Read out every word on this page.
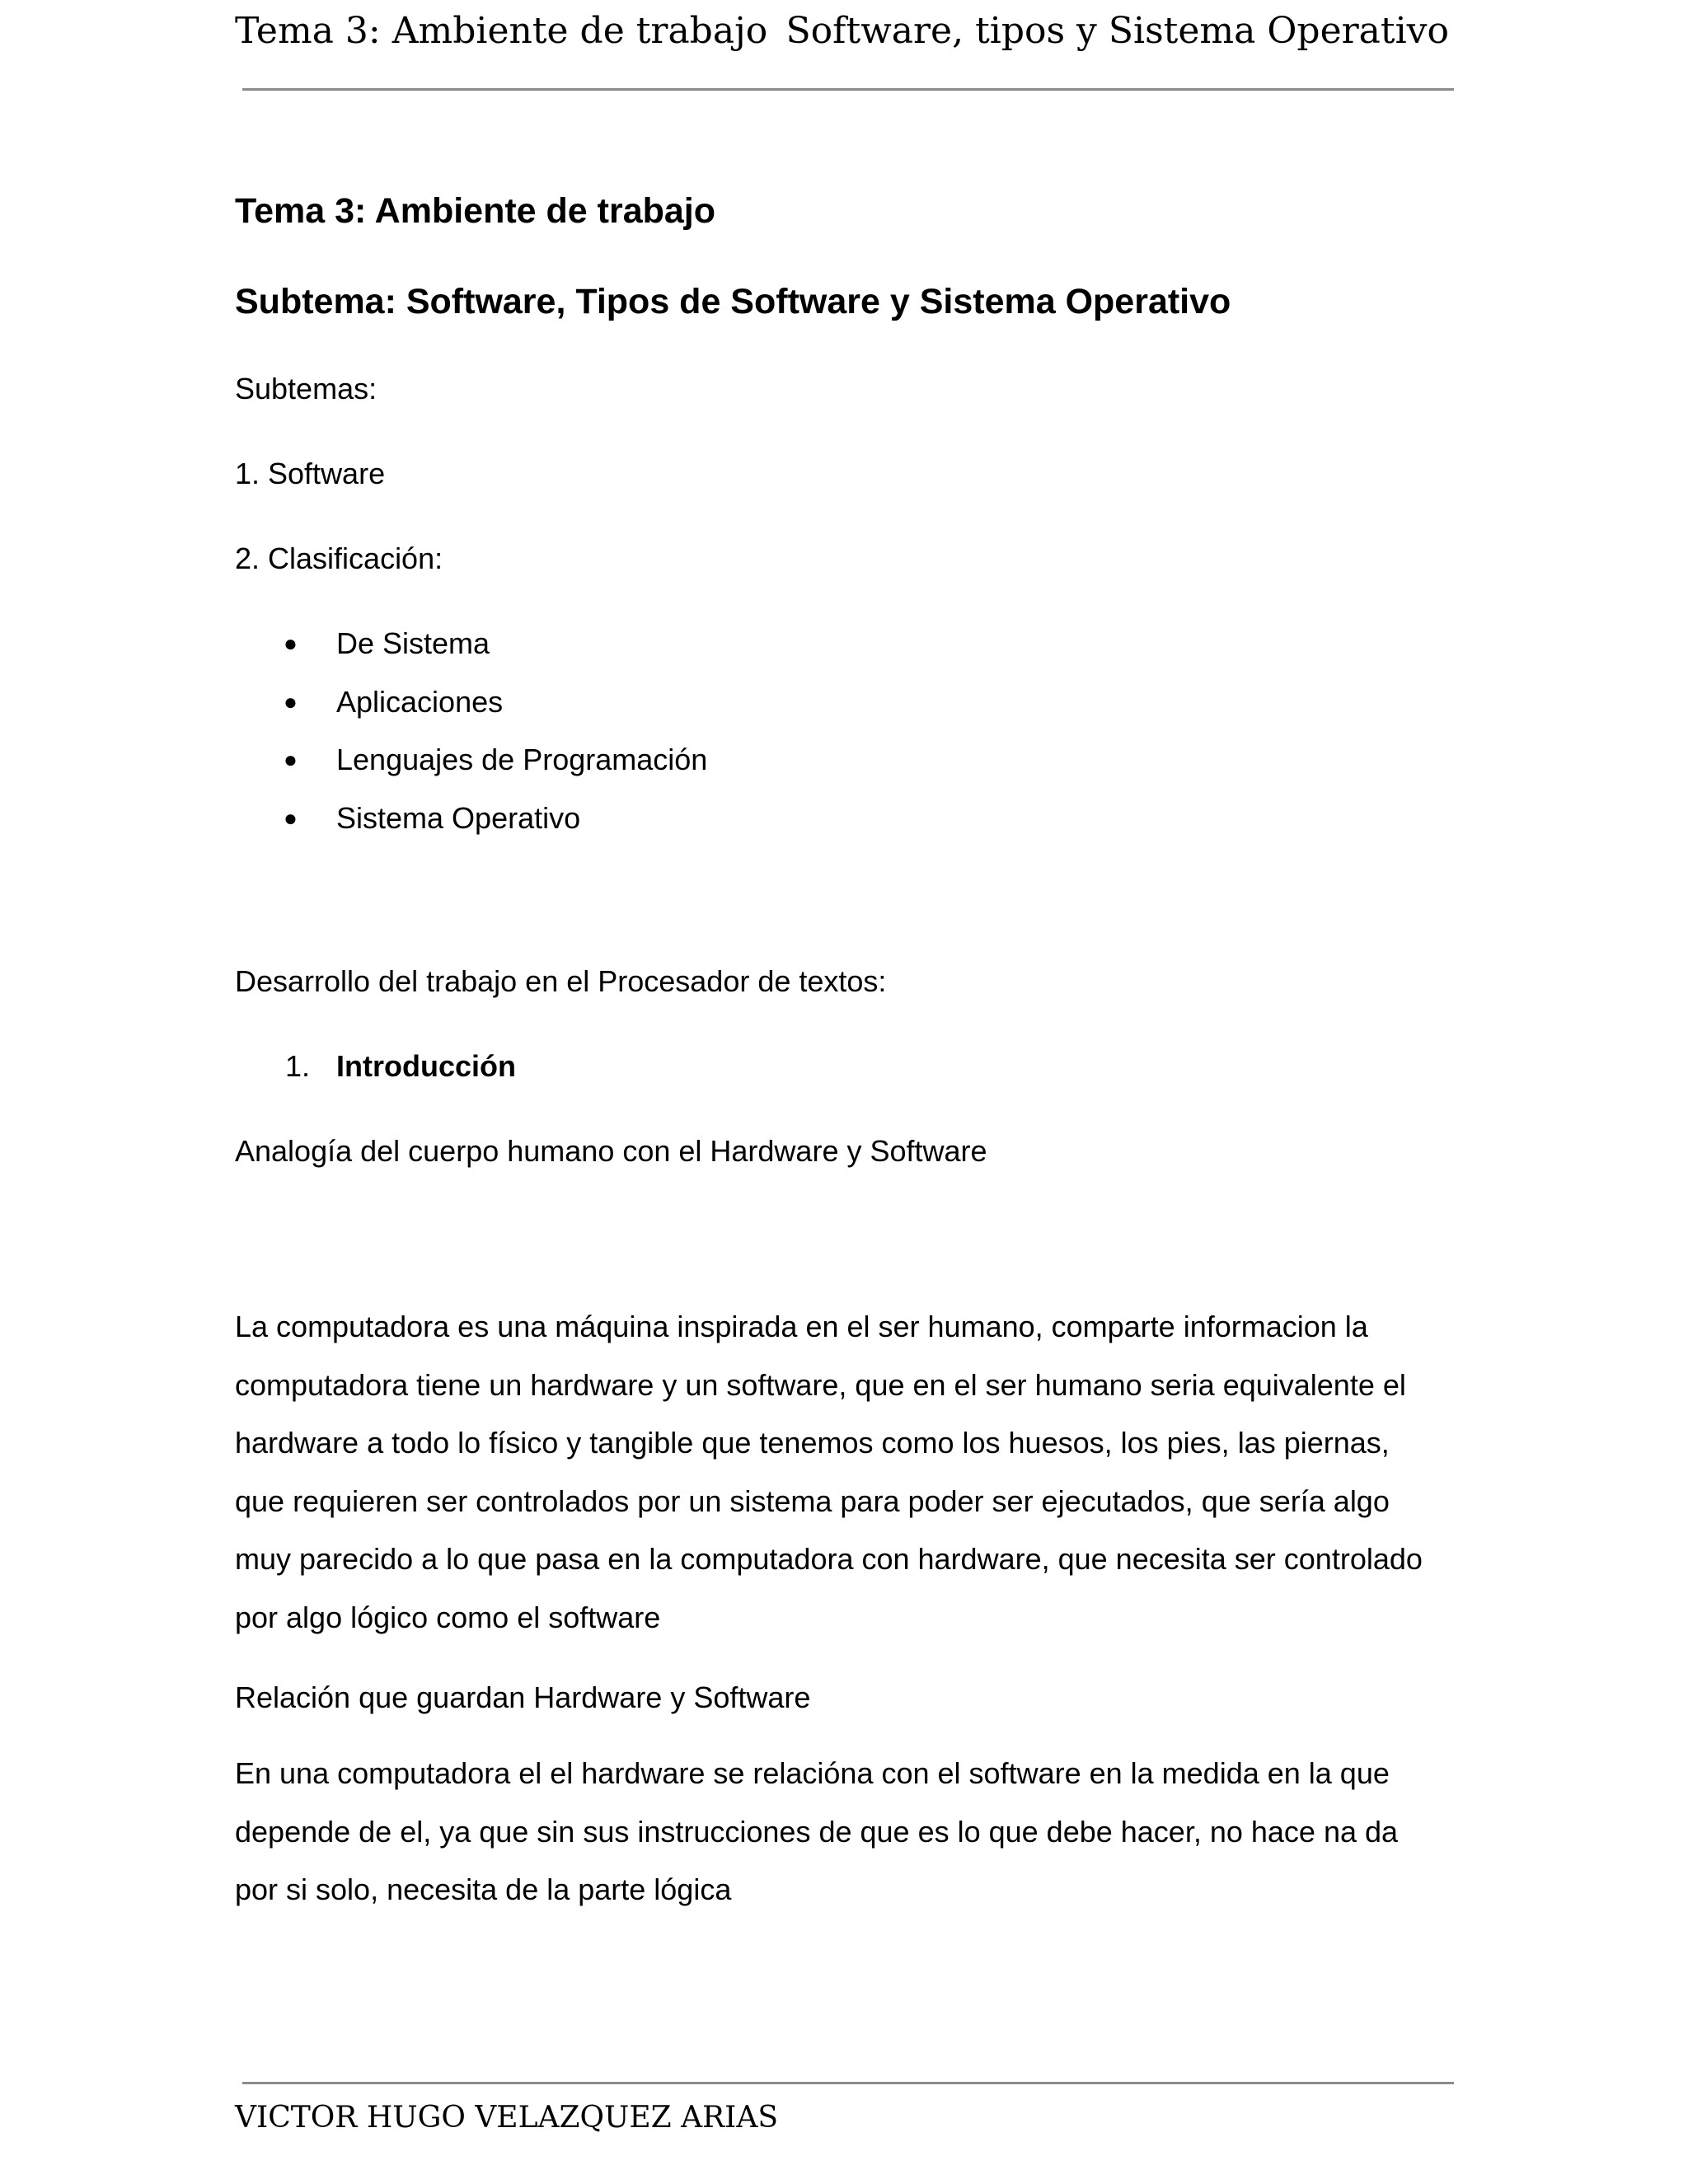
Tema 3: Ambiente de trabajo Software, tipos y Sistema Operativo
Tema 3: Ambiente de trabajo
Subtema: Software, Tipos de Software y Sistema Operativo
Subtemas:
1. Software
2. Clasificación:
● De Sistema
● Aplicaciones
● Lenguajes de Programación
● Sistema Operativo
Desarrollo del trabajo en el Procesador de textos:
1. Introducción
Analogía del cuerpo humano con el Hardware y Software
La computadora es una máquina inspirada en el ser humano, comparte informacion la
computadora tiene un hardware y un software, que en el ser humano seria equivalente el
hardware a todo lo físico y tangible que tenemos como los huesos, los pies, las piernas,
que requieren ser controlados por un sistema para poder ser ejecutados, que sería algo
muy parecido a lo que pasa en la computadora con hardware, que necesita ser controlado
por algo lógico como el software
Relación que guardan Hardware y Software
En una computadora el el hardware se relacióna con el software en la medida en la que
depende de el, ya que sin sus instrucciones de que es lo que debe hacer, no hace na da
por si solo, necesita de la parte lógica
VICTOR HUGO VELAZQUEZ ARIAS
